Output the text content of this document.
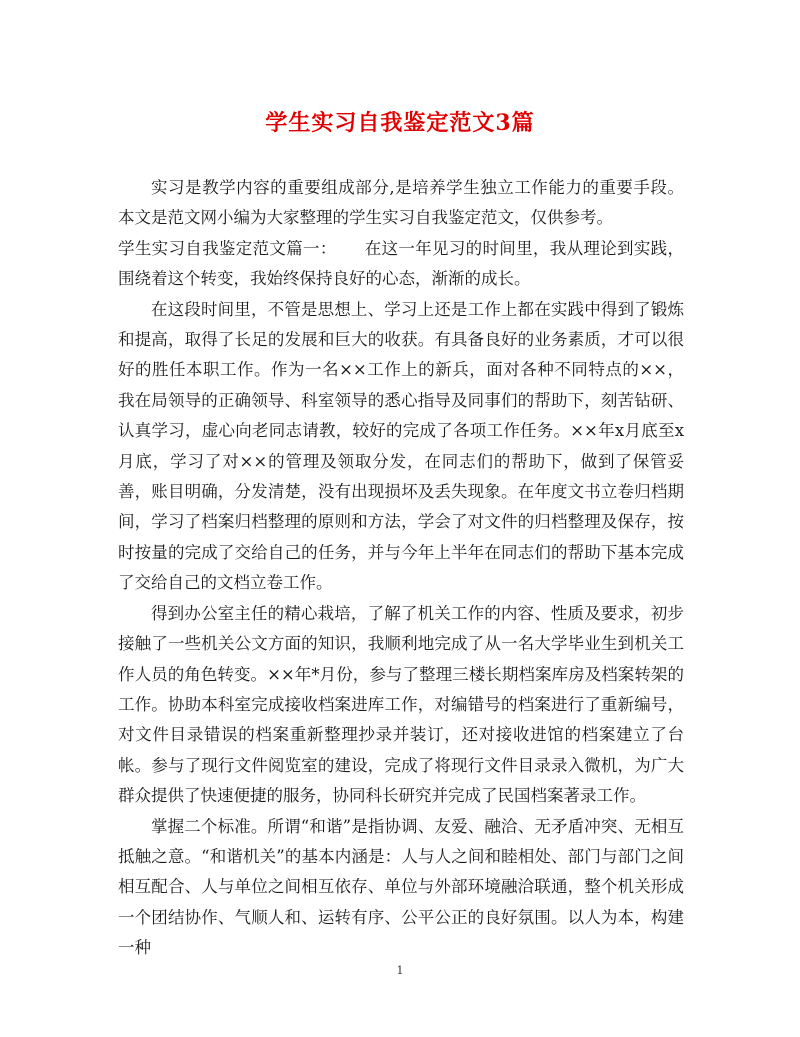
学生实习自我鉴定范文3篇

实习是教学内容的重要组成部分,是培养学生独立工作能力的重要手段。本文是范文网小编为大家整理的学生实习自我鉴定范文，仅供参考。

学生实习自我鉴定范文篇一： 在这一年见习的时间里，我从理论到实践，围绕着这个转变，我始终保持良好的心态，渐渐的成长。

在这段时间里，不管是思想上、学习上还是工作上都在实践中得到了锻炼和提高，取得了长足的发展和巨大的收获。有具备良好的业务素质，才可以很好的胜任本职工作。作为一名××工作上的新兵，面对各种不同特点的××，我在局领导的正确领导、科室领导的悉心指导及同事们的帮助下，刻苦钻研、认真学习，虚心向老同志请教，较好的完成了各项工作任务。××年x月底至x月底，学习了对××的管理及领取分发，在同志们的帮助下，做到了保管妥善，账目明确，分发清楚，没有出现损坏及丢失现象。在年度文书立卷归档期间，学习了档案归档整理的原则和方法，学会了对文件的归档整理及保存，按时按量的完成了交给自己的任务，并与今年上半年在同志们的帮助下基本完成了交给自己的文档立卷工作。

得到办公室主任的精心栽培，了解了机关工作的内容、性质及要求，初步接触了一些机关公文方面的知识，我顺利地完成了从一名大学毕业生到机关工作人员的角色转变。××年*月份，参与了整理三楼长期档案库房及档案转架的工作。协助本科室完成接收档案进库工作，对编错号的档案进行了重新编号，对文件目录错误的档案重新整理抄录并装订，还对接收进馆的档案建立了台帐。参与了现行文件阅览室的建设，完成了将现行文件目录录入微机，为广大群众提供了快速便捷的服务，协同科长研究并完成了民国档案著录工作。

掌握二个标准。所谓“和谐”是指协调、友爱、融洽、无矛盾冲突、无相互抵触之意。“和谐机关”的基本内涵是：人与人之间和睦相处、部门与部门之间相互配合、人与单位之间相互依存、单位与外部环境融洽联通，整个机关形成一个团结协作、气顺人和、运转有序、公平公正的良好氛围。以人为本，构建一种

1
